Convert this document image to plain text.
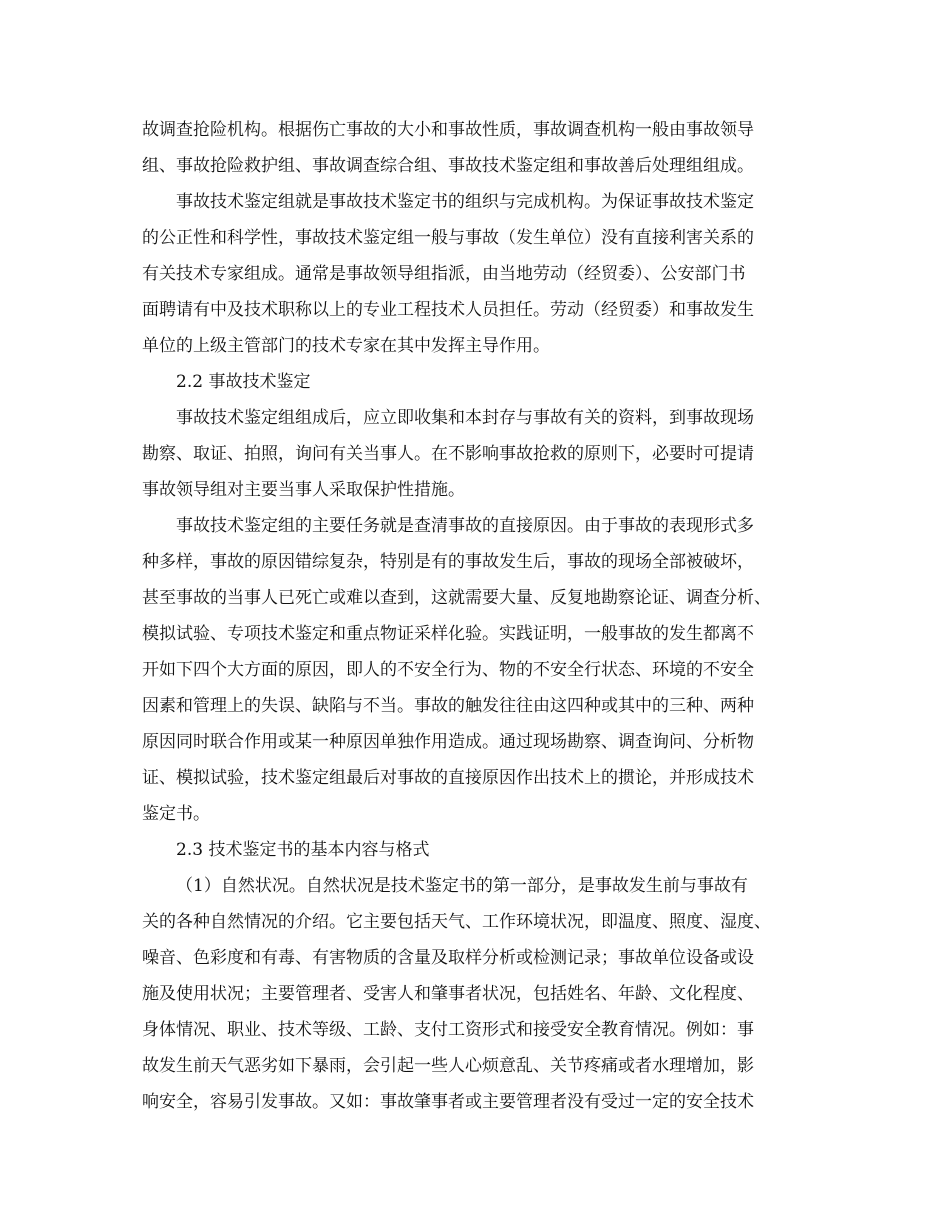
故调查抢险机构。根据伤亡事故的大小和事故性质，事故调查机构一般由事故领导

组、事故抢险救护组、事故调查综合组、事故技术鉴定组和事故善后处理组组成。

事故技术鉴定组就是事故技术鉴定书的组织与完成机构。为保证事故技术鉴定

的公正性和科学性，事故技术鉴定组一般与事故（发生单位）没有直接利害关系的

有关技术专家组成。通常是事故领导组指派，由当地劳动（经贸委）、公安部门书

面聘请有中及技术职称以上的专业工程技术人员担任。劳动（经贸委）和事故发生

单位的上级主管部门的技术专家在其中发挥主导作用。

2.2 事故技术鉴定

事故技术鉴定组组成后，应立即收集和本封存与事故有关的资料，到事故现场

勘察、取证、拍照，询问有关当事人。在不影响事故抢救的原则下，必要时可提请

事故领导组对主要当事人采取保护性措施。

事故技术鉴定组的主要任务就是查清事故的直接原因。由于事故的表现形式多

种多样，事故的原因错综复杂，特别是有的事故发生后，事故的现场全部被破坏，

甚至事故的当事人已死亡或难以查到，这就需要大量、反复地勘察论证、调查分析、

模拟试验、专项技术鉴定和重点物证采样化验。实践证明，一般事故的发生都离不

开如下四个大方面的原因，即人的不安全行为、物的不安全行状态、环境的不安全

因素和管理上的失误、缺陷与不当。事故的触发往往由这四种或其中的三种、两种

原因同时联合作用或某一种原因单独作用造成。通过现场勘察、调查询问、分析物

证、模拟试验，技术鉴定组最后对事故的直接原因作出技术上的掼论，并形成技术

鉴定书。

2.3 技术鉴定书的基本内容与格式

（1）自然状况。自然状况是技术鉴定书的第一部分，是事故发生前与事故有

关的各种自然情况的介绍。它主要包括天气、工作环境状况，即温度、照度、湿度、

噪音、色彩度和有毒、有害物质的含量及取样分析或检测记录；事故单位设备或设

施及使用状况；主要管理者、受害人和肇事者状况，包括姓名、年龄、文化程度、

身体情况、职业、技术等级、工龄、支付工资形式和接受安全教育情况。例如：事

故发生前天气恶劣如下暴雨，会引起一些人心烦意乱、关节疼痛或者水理增加，影

响安全，容易引发事故。又如：事故肇事者或主要管理者没有受过一定的安全技术
